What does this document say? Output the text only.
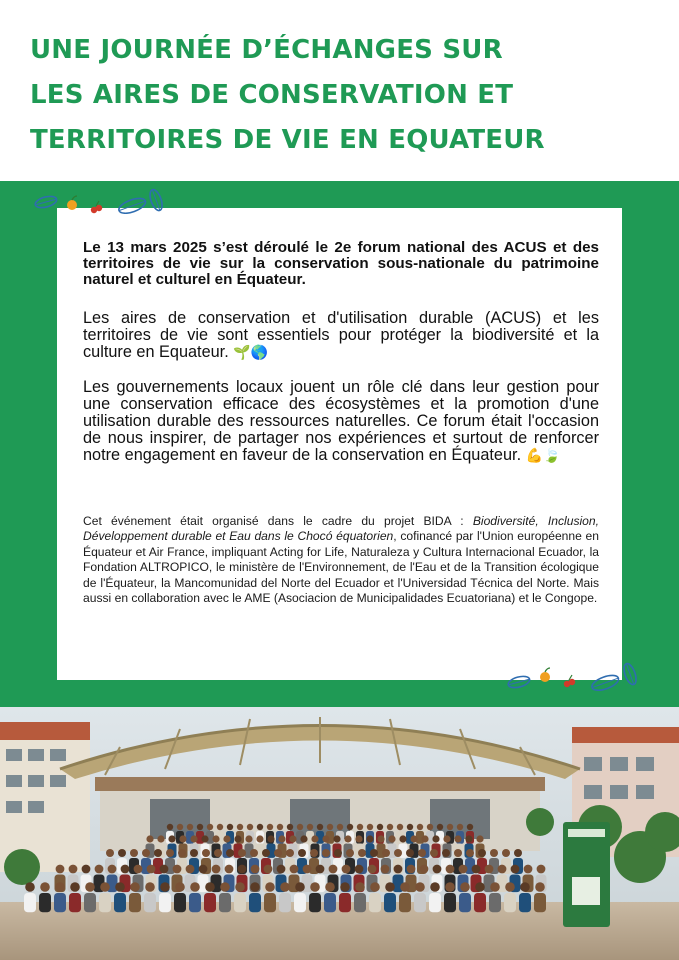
UNE JOURNÉE D’ÉCHANGES SUR
LES AIRES DE CONSERVATION ET
TERRITOIRES DE VIE EN EQUATEUR
Le 13 mars 2025 s’est déroulé le 2e forum national des ACUS et des territoires de vie sur la conservation sous-nationale du patrimoine naturel et culturel en Équateur.
Les aires de conservation et d'utilisation durable (ACUS) et les territoires de vie sont essentiels pour protéger la biodiversité et la culture en Equateur. 🌱🌎
Les gouvernements locaux jouent un rôle clé dans leur gestion pour une conservation efficace des écosystèmes et la promotion d'une utilisation durable des ressources naturelles. Ce forum était l'occasion de nous inspirer, de partager nos expériences et surtout de renforcer notre engagement en faveur de la conservation en Équateur. 💪🍃
Cet événement était organisé dans le cadre du projet BIDA : Biodiversité, Inclusion, Développement durable et Eau dans le Chocó équatorien, cofinancé par l'Union européenne en Équateur et Air France, impliquant Acting for Life, Naturaleza y Cultura Internacional Ecuador, la Fondation ALTROPICO, le ministère de l'Environnement, de l'Eau et de la Transition écologique de l'Équateur, la Mancomunidad del Norte del Ecuador et l'Universidad Técnica del Norte. Mais aussi en collaboration avec le AME (Asociacion de Municipalidades Ecuatoriana) et le Congope.
